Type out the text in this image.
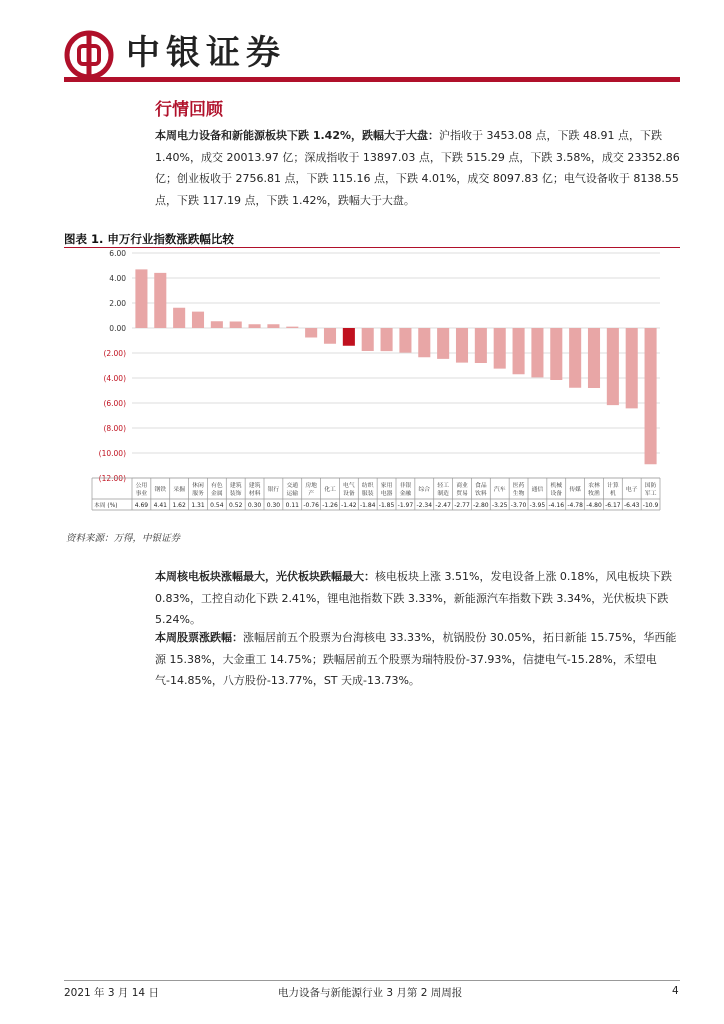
中银证券
行情回顾

本周电力设备和新能源板块下跌 1.42%，跌幅大于大盘：沪指收于 3453.08 点，下跌 48.91 点，下跌 1.40%，成交 20013.97 亿；深成指收于 13897.03 点，下跌 515.29 点，下跌 3.58%，成交 23352.86 亿；创业板收于 2756.81 点，下跌 115.16 点，下跌 4.01%，成交 8097.83 亿；电气设备收于 8138.55 点，下跌 117.19 点，下跌 1.42%，跌幅大于大盘。

图表 1. 申万行业指数涨跌幅比较
6.00
4.00
2.00
0.00
(2.00)
(4.00)
(6.00)
(8.00)
(10.00)
(12.00)
本周 (%)
公用
事业
4.69
钢铁
4.41
采掘
1.62
休闲
服务
1.31
有色
金属
0.54
建筑
装饰
0.52
建筑
材料
0.30
银行
0.30
交通
运输
0.11
房地
产
-0.76
化工
-1.26
电气
设备
-1.42
纺织
服装
-1.84
家用
电器
-1.85
非银
金融
-1.97
综合
-2.34
轻工
制造
-2.47
商业
贸易
-2.77
食品
饮料
-2.80
汽车
-3.25
医药
生物
-3.70
通信
-3.95
机械
设备
-4.16
传媒
-4.78
农林
牧渔
-4.80
计算
机
-6.17
电子
-6.43
国防
军工
-10.9
资料来源：万得，中银证券

本周核电板块涨幅最大，光伏板块跌幅最大：核电板块上涨 3.51%，发电设备上涨 0.18%，风电板块下跌 0.83%，工控自动化下跌 2.41%，锂电池指数下跌 3.33%，新能源汽车指数下跌 3.34%，光伏板块下跌 5.24%。

本周股票涨跌幅：涨幅居前五个股票为台海核电 33.33%，杭锅股份 30.05%，拓日新能 15.75%，华西能源 15.38%，大金重工 14.75%；跌幅居前五个股票为瑞特股份-37.93%，信捷电气-15.28%，禾望电气-14.85%，八方股份-13.77%，ST 天成-13.73%。

2021 年 3 月 14 日	电力设备与新能源行业 3 月第 2 周周报	4
